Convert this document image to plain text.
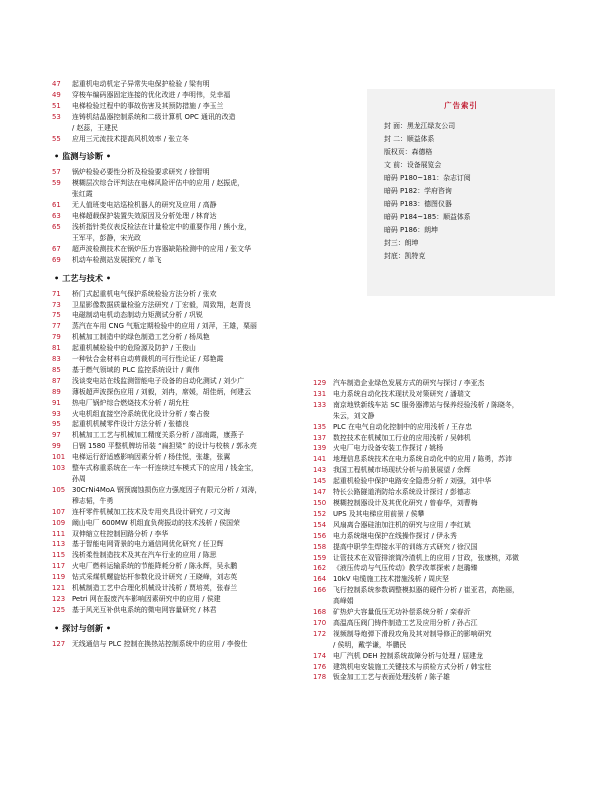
47	起重机电动机定子异常失电保护检验 / 梁有明
49	穿梭车编码器固定连接的优化改进 / 李明伟，兑幸福
51	电梯检验过程中的事故伤害及其预防措施 / 李玉兰
53	连铸机结晶器控制系统和二级计算机 OPC 通讯的改造
/ 赵蕊，王建民
55	应用三元流技术提高风机效率 / 张立冬
• 监测与诊断 •
57	锅炉检验必要性分析及检验要求研究 / 徐智明
59	模糊层次综合评判法在电梯风险评估中的应用 / 赵振虎，
张红霞
61	无人值班变电站巡检机器人的研究及应用 / 高静
63	电梯超载保护装置失效原因及分析处理 / 林育达
65	浅析指针类仪表反检法在计量检定中的重要作用 / 熊小龙，
王军平，彭静，宋光政
67	超声波检测技术在锅炉压力容器缺陷检测中的应用 / 张文华
69	机动车检测站发展探究 / 单飞
• 工艺与技术 •
71	桥门式起重机电气保护系统检验方法分析 / 张欢
73	卫星影像数据质量检验方法研究 / 丁宏毅，周致翔，赵青良
75	电磁制动电机动态制动力矩测试分析 / 巩锐
77	蒸汽在车用 CNG 气瓶定期检验中的应用 / 刘萍，王雄，栗丽
79	机械加工制造中的绿色制造工艺分析 / 杨凤艳
81	起重机械检验中的危险源及防护 / 王俊山
83	一种钛合金材料自动剪裁机的可行性论证 / 郑艳霞
85	基于燃气领域的 PLC 监控系统设计 / 黄伟
87	浅谈变电站在线监测智能电子设备的自动化测试 / 刘少广
89	薄板超声波探伤应用 / 刘毅，刘冉，席媛，胡佳炳，何建云
91	热电厂锅炉综合燃烧技术分析 / 胡允柱
93	火电机组直接空冷系统优化设计分析 / 秦占俊
95	起重机机械零件设计方法分析 / 张德良
97	机械加工工艺与机械加工精度关系分析 / 邵南霞，康燕子
99	日钢 1580 平整机牌坊吊装 “扁担梁” 的设计与校核 / 郭永亮
101 电梯运行舒适感影响因素分析 / 杨佳悦，张雄，张翼
103 整车式称重系统在一车一杆连续过车模式下的应用 / 钱金宝，
孙周
105 30CrNi4MoA 钢预腐蚀损伤应力强度因子有限元分析 / 刘涛，
穆志韬，牛勇
107 连杆零件机械加工技术及专用夹具设计研究 / 刁文海
109 阚山电厂 600MW 机组直负荷振动的技术浅析 / 侯国荣
111 双伸缩立柱控制回路分析 / 李华
113 基于智能电网背景的电力通信网优化研究 / 任卫辉
115 浅析柔性制造技术及其在汽车行业的应用 / 陈思
117 火电厂燃料运输系统的节能降耗分析 / 陈永辉，吴永鹏
119 钻式采煤机螺旋钻杆参数化设计研究 / 王晓峰，刘志英
121 机械制造工艺中合理化机械设计浅析 / 贾培英，张春兰
123 Petri 网在报废汽车影响因素研究中的应用 / 侯建
125 基于风光互补供电系统的微电网容量研究 / 林君
• 探讨与创新 •
127 无线通信与 PLC 控制在换热站控制系统中的应用 / 李俊仕
129 汽车制造企业绿色发展方式的研究与探讨 / 李亚杰
131 电力系统自动化技术现状及对策研究 / 潘瑞文
133 南京地铁新线车站 SC 服务器滞站与保养经验浅析 / 陈晓冬，
朱云，刘文静
135 PLC 在电气自动化控制中的应用浅析 / 王存忠
137 数控技术在机械加工行业的应用浅析 / 吴韩机
139 火电厂电力设备安装工作探讨 / 姚杨
141 地理信息系统技术在电力系统自动化中的应用 / 陈勇，苏沛
143 我国工程机械市场现状分析与前景展望 / 余辉
145 起重机检验中保护电路安全隐患分析 / 刘强，刘中华
147 特长公路隧道消防给水系统设计探讨 / 彭德志
150 模糊控制器设计及其优化研究 / 曾春华，刘曹梅
152 UPS 及其电梯应用前景 / 侯攀
154 风扇离合器硅油加注机的研究与应用 / 李红斌
156 电力系统继电保护在线操作探讨 / 伊永秀
158 提高中职学生焊接水平的训练方式研究 / 徐汉国
159 让管技术在双管排滚筒冷渣机上的应用 / 甘政，张康桃，邓微
162 《液压传动与气压传动》教学改革探索 / 赵璐臻
164 10kV 电缆施工技术措施浅析 / 周庆坚
166 飞行控制系统参数调整模拟器的硬件分析 / 崔亚君，高艳丽，
高峰娟
168 矿热炉大容量低压无功补偿系统分析 / 栾春沂
170 高温高压阀门铸件制造工艺及应用分析 / 孙占江
172 视频制导炮弹下滑段攻角及其对制导修正的影响研究
/ 侯明，戴学谦，毕鹏民
174 电厂汽机 DEH 控制系统故障分析与处理 / 屈建龙
176 建筑机电安装施工关键技术与质检方式分析 / 韩宝柱
178 钣金加工工艺与表面处理浅析 / 陈子雄
广告索引
封 面：黑龙江绿友公司
封 二：顺益体系
版权页：森德格
文 前：设备展览会
暗码 P180~181：杂志订阅
暗码 P182：学府咨询
暗码 P183：德图仪器
暗码 P184~185：顺益体系
暗码 P186：朗坤
封三：朗坤
封底：凯特克
